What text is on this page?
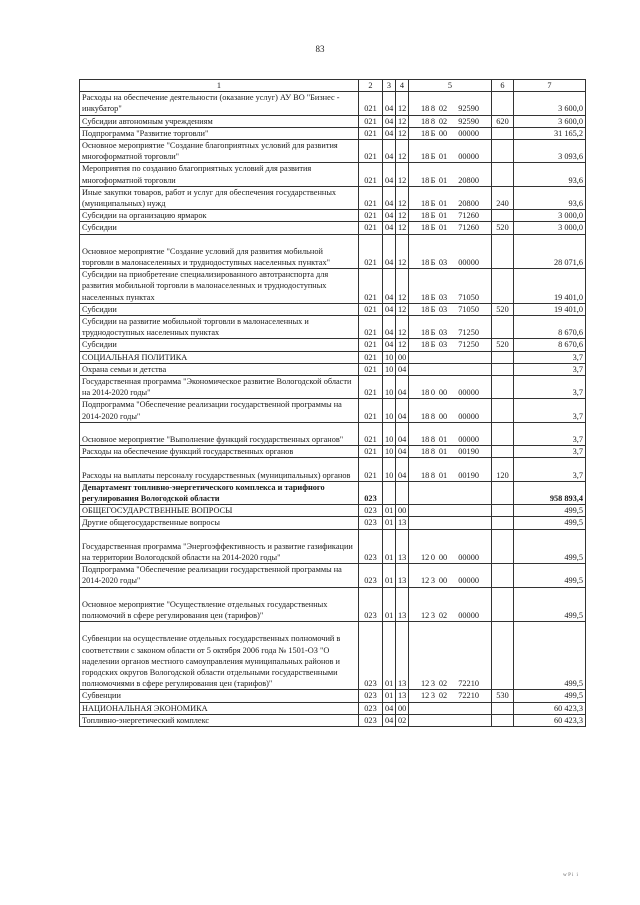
83
1	2	3	4	5	6	7
Расходы на обеспечение деятельности (оказание услуг) АУ ВО "Бизнес - инкубатор"	021	04	12	18 8 02 92590		3 600,0
Субсидии автономным учреждениям	021	04	12	18 8 02 92590	620	3 600,0
Подпрограмма "Развитие торговли"	021	04	12	18Б 00 00000		31 165,2
Основное мероприятие "Создание благоприятных условий для развития многоформатной торговли"	021	04	12	18Б 01 00000		3 093,6
Мероприятия по созданию благоприятных условий для развития многоформатной торговли	021	04	12	18Б 01 20800		93,6
Иные закупки товаров, работ и услуг для обеспечения государственных (муниципальных) нужд	021	04	12	18Б 01 20800	240	93,6
Субсидии на организацию ярмарок	021	04	12	18Б 01 71260		3 000,0
Субсидии	021	04	12	18Б 01 71260	520	3 000,0
Основное мероприятие "Создание условий для развития мобильной торговли в малонаселенных и труднодоступных населенных пунктах"	021	04	12	18Б 03 00000		28 071,6
Субсидии на приобретение специализированного автотранспорта для развития мобильной торговли в малонаселенных и труднодоступных населенных пунктах	021	04	12	18Б 03 71050		19 401,0
Субсидии	021	04	12	18Б 03 71050	520	19 401,0
Субсидии на развитие мобильной торговли в малонаселенных и труднодоступных населенных пунктах	021	04	12	18Б 03 71250		8 670,6
Субсидии	021	04	12	18Б 03 71250	520	8 670,6
СОЦИАЛЬНАЯ ПОЛИТИКА	021	10	00			3,7
Охрана семьи и детства	021	10	04			3,7
Государственная программа "Экономическое развитие Вологодской области на 2014-2020 годы"	021	10	04	18 0 00 00000		3,7
Подпрограмма "Обеспечение реализации государственной программы на 2014-2020 годы"	021	10	04	18 8 00 00000		3,7
Основное мероприятие "Выполнение функций государственных органов"	021	10	04	18 8 01 00000		3,7
Расходы на обеспечение функций государственных органов	021	10	04	18 8 01 00190		3,7
Расходы на выплаты персоналу государственных (муниципальных) органов	021	10	04	18 8 01 00190	120	3,7
Департамент топливно-энергетического комплекса и тарифного регулирования Вологодской области	023					958 893,4
ОБЩЕГОСУДАРСТВЕННЫЕ ВОПРОСЫ	023	01	00			499,5
Другие общегосударственные вопросы	023	01	13			499,5
Государственная программа "Энергоэффективность и развитие газификации на территории Вологодской области на 2014-2020 годы"	023	01	13	12 0 00 00000		499,5
Подпрограмма "Обеспечение реализации государственной программы на 2014-2020 годы"	023	01	13	12 3 00 00000		499,5
Основное мероприятие "Осуществление отдельных государственных полномочий в сфере регулирования цен (тарифов)"	023	01	13	12 3 02 00000		499,5
Субвенции на осуществление отдельных государственных полномочий в соответствии с законом области от 5 октября 2006 года № 1501-ОЗ "О наделении органов местного самоуправления муниципальных районов и городских округов Вологодской области отдельными государственными полномочиями в сфере регулирования цен (тарифов)"	023	01	13	12 3 02 72210		499,5
Субвенции	023	01	13	12 3 02 72210	530	499,5
НАЦИОНАЛЬНАЯ ЭКОНОМИКА	023	04	00			60 423,3
Топливно-энергетический комплекс	023	04	02			60 423,3
ⱳPi i
